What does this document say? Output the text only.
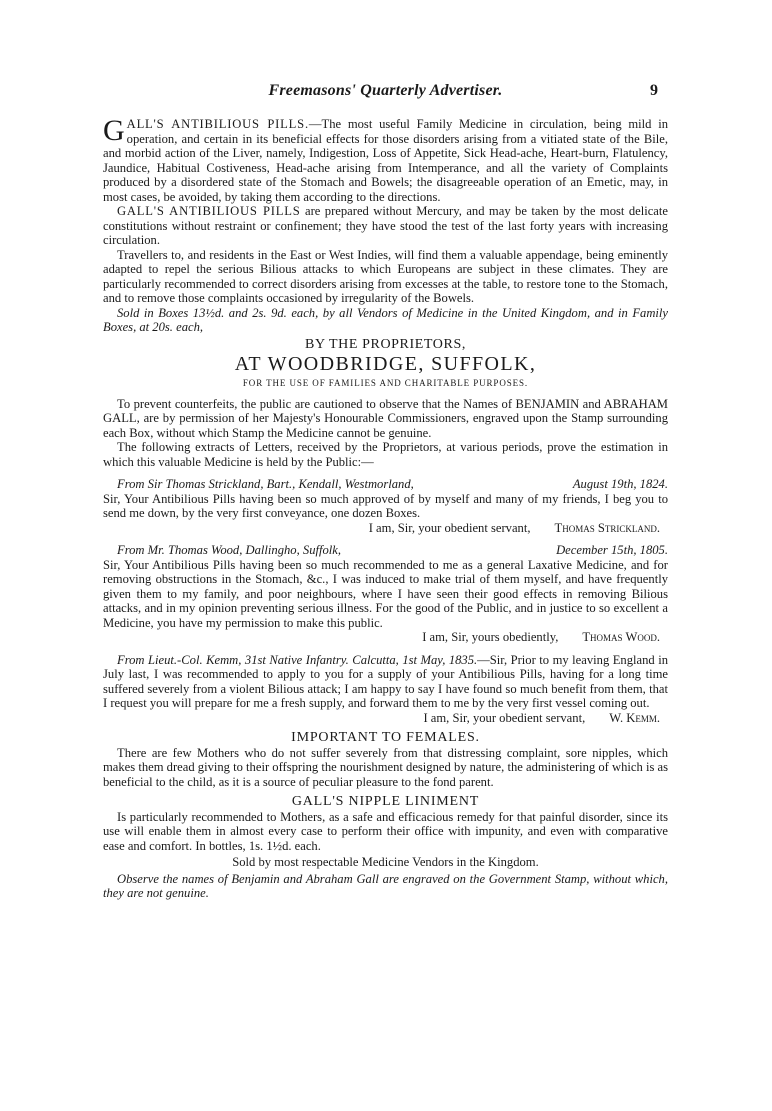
Freemasons' Quarterly Advertiser.	9

GALL'S ANTIBILIOUS PILLS.—The most useful Family Medicine in circulation, being mild in operation, and certain in its beneficial effects for those disorders arising from a vitiated state of the Bile, and morbid action of the Liver, namely, Indigestion, Loss of Appetite, Sick Head-ache, Heart-burn, Flatulency, Jaundice, Habitual Costiveness, Head-ache arising from Intemperance, and all the variety of Complaints produced by a disordered state of the Stomach and Bowels; the disagreeable operation of an Emetic, may, in most cases, be avoided, by taking them according to the directions.

GALL'S ANTIBILIOUS PILLS are prepared without Mercury, and may be taken by the most delicate constitutions without restraint or confinement; they have stood the test of the last forty years with increasing circulation.

Travellers to, and residents in the East or West Indies, will find them a valuable appendage, being eminently adapted to repel the serious Bilious attacks to which Europeans are subject in these climates. They are particularly recommended to correct disorders arising from excesses at the table, to restore tone to the Stomach, and to remove those complaints occasioned by irregularity of the Bowels.

Sold in Boxes 13½d. and 2s. 9d. each, by all Vendors of Medicine in the United Kingdom, and in Family Boxes, at 20s. each,

BY THE PROPRIETORS,
AT WOODBRIDGE, SUFFOLK,
FOR THE USE OF FAMILIES AND CHARITABLE PURPOSES.

To prevent counterfeits, the public are cautioned to observe that the Names of BENJAMIN and ABRAHAM GALL, are by permission of her Majesty's Honourable Commissioners, engraved upon the Stamp surrounding each Box, without which Stamp the Medicine cannot be genuine.

The following extracts of Letters, received by the Proprietors, at various periods, prove the estimation in which this valuable Medicine is held by the Public:—

From Sir Thomas Strickland, Bart., Kendall, Westmorland,	August 19th, 1824.

Sir, Your Antibilious Pills having been so much approved of by myself and many of my friends, I beg you to send me down, by the very first conveyance, one dozen Boxes.

I am, Sir, your obedient servant, Thomas Strickland.
From Mr. Thomas Wood, Dallingho, Suffolk,	December 15th, 1805.

Sir, Your Antibilious Pills having been so much recommended to me as a general Laxative Medicine, and for removing obstructions in the Stomach, &c., I was induced to make trial of them myself, and have frequently given them to my family, and poor neighbours, where I have seen their good effects in removing Bilious attacks, and in my opinion preventing serious illness. For the good of the Public, and in justice to so excellent a Medicine, you have my permission to make this public.

I am, Sir, yours obediently, Thomas Wood.

From Lieut.-Col. Kemm, 31st Native Infantry. Calcutta, 1st May, 1835.—Sir, Prior to my leaving England in July last, I was recommended to apply to you for a supply of your Antibilious Pills, having for a long time suffered severely from a violent Bilious attack; I am happy to say I have found so much benefit from them, that I request you will prepare for me a fresh supply, and forward them to me by the very first vessel coming out.

I am, Sir, your obedient servant, W. Kemm.
IMPORTANT TO FEMALES.

There are few Mothers who do not suffer severely from that distressing complaint, sore nipples, which makes them dread giving to their offspring the nourishment designed by nature, the administering of which is as beneficial to the child, as it is a source of peculiar pleasure to the fond parent.

GALL'S NIPPLE LINIMENT

Is particularly recommended to Mothers, as a safe and efficacious remedy for that painful disorder, since its use will enable them in almost every case to perform their office with impunity, and even with comparative ease and comfort. In bottles, 1s. 1½d. each.

Sold by most respectable Medicine Vendors in the Kingdom.

Observe the names of Benjamin and Abraham Gall are engraved on the Government Stamp, without which, they are not genuine.
